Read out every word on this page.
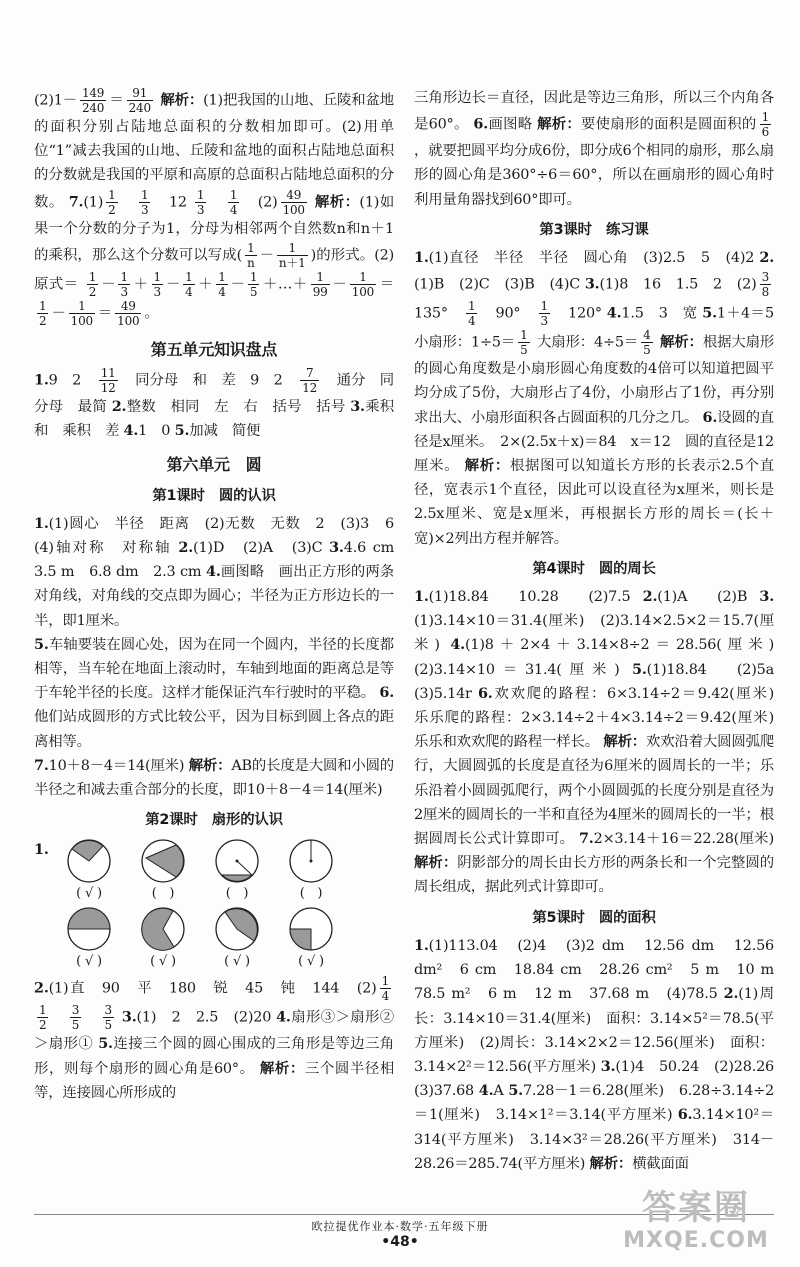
$(2)1- \frac{149}{240} = \frac{91}{240}$ 解析：(1)把我国的山地、丘陵和盆地的面积分别占陆地总面积的分数相加即可。(2)用单位“1”减去我国的山地、丘陵和盆地的面积占陆地总面积的分数就是我国的平原和高原的总面积占陆地总面积的分数。 $7.(1) \frac{1}{2}$
　 $\frac{1}{3}$
　 $12 \frac{1}{3}$
　 $\frac{1}{4}$
　 $(2) \frac{49}{100}$ 解析：(1)如果一个分数的分子为1，分母为相邻两个自然数n和n＋1的乘积，那么这个分数可以写成( $\frac{1}{n} - \frac{1}{n+1}$ )的形式。(2)原式＝ $\frac{1}{2} - \frac{1}{3} + \frac{1}{3} - \frac{1}{4} + \frac{1}{4} - \frac{1}{5}$ ＋…＋ $\frac{1}{99} - \frac{1}{100}$ ＝
$\frac{1}{2} - \frac{1}{100} = \frac{49}{100}$ 。

第五单元知识盘点

1.9　2　 $\frac{11}{12}$
　 同分母　和　差　9　2　 $\frac{7}{12}$
　 通分　同分母　最简 2.整数　相同　左　右　括号　括号 3.乘积　和　乘积　差 4.1　0 5.加减　简便

第六单元　圆

第1课时　圆的认识

1.(1)圆心　半径　距离　(2)无数　无数　2　(3)3　6　(4)轴对称　对称轴 2.(1)D　(2)A　(3)C 3.4.6 cm　3.5 m　6.8 dm　2.3 cm 4.画图略　画出正方形的两条对角线，对角线的交点即为圆心；半径为正方形边长的一半，即1厘米。

5.车轴要装在圆心处，因为在同一个圆内，半径的长度都相等，当车轮在地面上滚动时，车轴到地面的距离总是等于车轮半径的长度。这样才能保证汽车行驶时的平稳。 6.他们站成圆形的方式比较公平，因为目标到圆上各点的距离相等。

7.10＋8－4＝14(厘米) 解析：AB的长度是大圆和小圆的半径之和减去重合部分的长度，即10＋8－4＝14(厘米)

第2课时　扇形的认识

1.
( √ )	(　)	(　)	(　)
( √ )	( √ )	( √ )	( √ )

2.(1)直　90　平　180　锐　45　钝　144　$(2) \frac{1}{4}$

$\frac{1}{2}$
　 $\frac{3}{5}$
　 $\frac{3}{5} 3.(1)$　2　2.5　(2)20 4.扇形③＞扇形②＞扇形① 5.连接三个圆的圆心围成的三角形是等边三角形，则每个扇形的圆心角是60°。 解析：三个圆半径相等，连接圆心所形成的

三角形边长＝直径，因此是等边三角形，所以三个内角各是60°。 6.画图略 解析：要使扇形的面积是圆面积的 $\frac{1}{6}$
，就要把圆平均分成6份，即分成6个相同的扇形，那么扇形的圆心角是360°÷6＝60°，所以在画扇形的圆心角时利用量角器找到60°即可。

第3课时　练习课

1.(1)直径　半径　半径　圆心角　(3)2.5　5　(4)2 2.(1)B　(2)C　(3)B　(4)C 3.(1)8　16　1.5　2　$(2) \frac{3}{8}$
　135°　 $\frac{1}{4}$
　 90°　 $\frac{1}{3}$
　 120° 4.1.5　3　宽 5.1＋4＝5　小扇形：$1\div 5= \frac{1}{5}$ 大扇形：$4\div 5= \frac{4}{5}$ 解析：根据大扇形的圆心角度数是小扇形圆心角度数的4倍可以知道把圆平均分成了5份，大扇形占了4份，小扇形占了1份，再分别求出大、小扇形面积各占圆面积的几分之几。 6.设圆的直径是x厘米。　2×(2.5x＋x)＝84　x＝12　圆的直径是12厘米。 解析：根据图可以知道长方形的长表示2.5个直径，宽表示1个直径，因此可以设直径为x厘米，则长是2.5x厘米、宽是x厘米，再根据长方形的周长＝(长＋宽)×2列出方程并解答。

第4课时　圆的周长

1.(1)18.84　10.28　(2)7.5 2.(1)A　(2)B 3.(1)3.14×10＝31.4(厘米)　(2)3.14×2.5×2＝15.7(厘米) 4.(1)8＋2×4＋3.14×8÷2＝28.56(厘米)　(2)3.14×10＝31.4(厘米) 5.(1)18.84　(2)5a　(3)5.14r 6.欢欢爬的路程：6×3.14÷2＝9.42(厘米)　乐乐爬的路程：2×3.14÷2＋4×3.14÷2＝9.42(厘米)　乐乐和欢欢爬的路程一样长。 解析：欢欢沿着大圆圆弧爬行，大圆圆弧的长度是直径为6厘米的圆周长的一半；乐乐沿着小圆圆弧爬行，两个小圆圆弧的长度分别是直径为2厘米的圆周长的一半和直径为4厘米的圆周长的一半；根据圆周长公式计算即可。 7.2×3.14＋16＝22.28(厘米) 解析：阴影部分的周长由长方形的两条长和一个完整圆的周长组成，据此列式计算即可。

第5课时　圆的面积

1.(1)113.04　(2)4　(3)2 dm　12.56 dm　12.56 dm²　6 cm　18.84 cm　28.26 cm²　5 m　10 m　78.5 m²　6 m　12 m　37.68 m　(4)78.5 2.(1)周长：3.14×10＝31.4(厘米)　面积：3.14×5²＝78.5(平方厘米)　(2)周长：3.14×2×2＝12.56(厘米)　面积：3.14×2²＝12.56(平方厘米) 3.(1)4　50.24　(2)28.26　(3)37.68 4.A 5.7.28－1＝6.28(厘米)　6.28÷3.14÷2＝1(厘米)　3.14×1²＝3.14(平方厘米) 6.3.14×10²＝314(平方厘米)　3.14×3²＝28.26(平方厘米)　314－28.26＝285.74(平方厘米) 解析：横截面面

欧拉提优作业本·数学·五年级下册
•48•
答案圈
MXQE.COM
